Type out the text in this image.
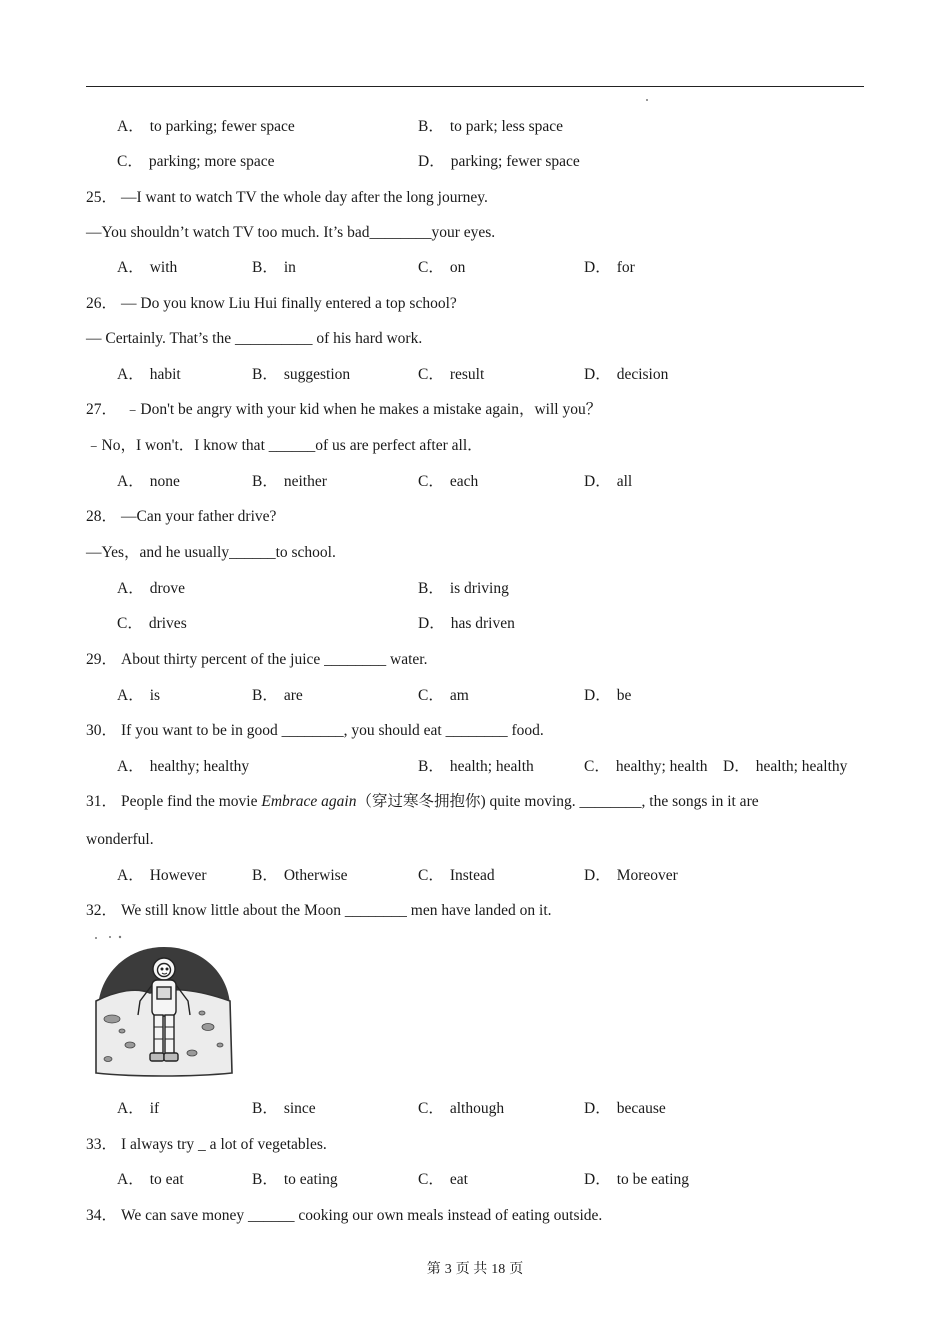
A． to parking; fewer space	B． to park; less space
C． parking; more space	D． parking; fewer space
25． —I want to watch TV the whole day after the long journey.
—You shouldn’t watch TV too much. It’s bad________your eyes.
A． with	B． in	C． on	D． for
26． — Do you know Liu Hui finally entered a top school?
— Certainly. That’s the __________ of his hard work.
A． habit	B． suggestion	C． result	D． decision
27． ﹣Don't be angry with your kid when he makes a mistake again，will you？
﹣No，I won't．I know that ______of us are perfect after all．
A． none	B． neither	C． each	D． all
28． —Can your father drive?
—Yes，and he usually______to school.
A． drove	B． is driving
C． drives	D． has driven
29． About thirty percent of the juice ________ water.
A． is	B． are	C． am	D． be
30． If you want to be in good ________, you should eat ________ food.
A． healthy; healthy	B． health; health	C． healthy; health D． health; healthy
31． People find the movie Embrace again（穿过寒冬拥抱你) quite moving. ________, the songs in it are
wonderful.
A． However	B． Otherwise	C． Instead	D． Moreover
32． We still know little about the Moon ________ men have landed on it.
A． if	B． since	C． although	D． because
33． I always try _ a lot of vegetables.
A． to eat	B． to eating	C． eat	D． to be eating
34． We can save money ______ cooking our own meals instead of eating outside.
第 3 页 共 18 页
